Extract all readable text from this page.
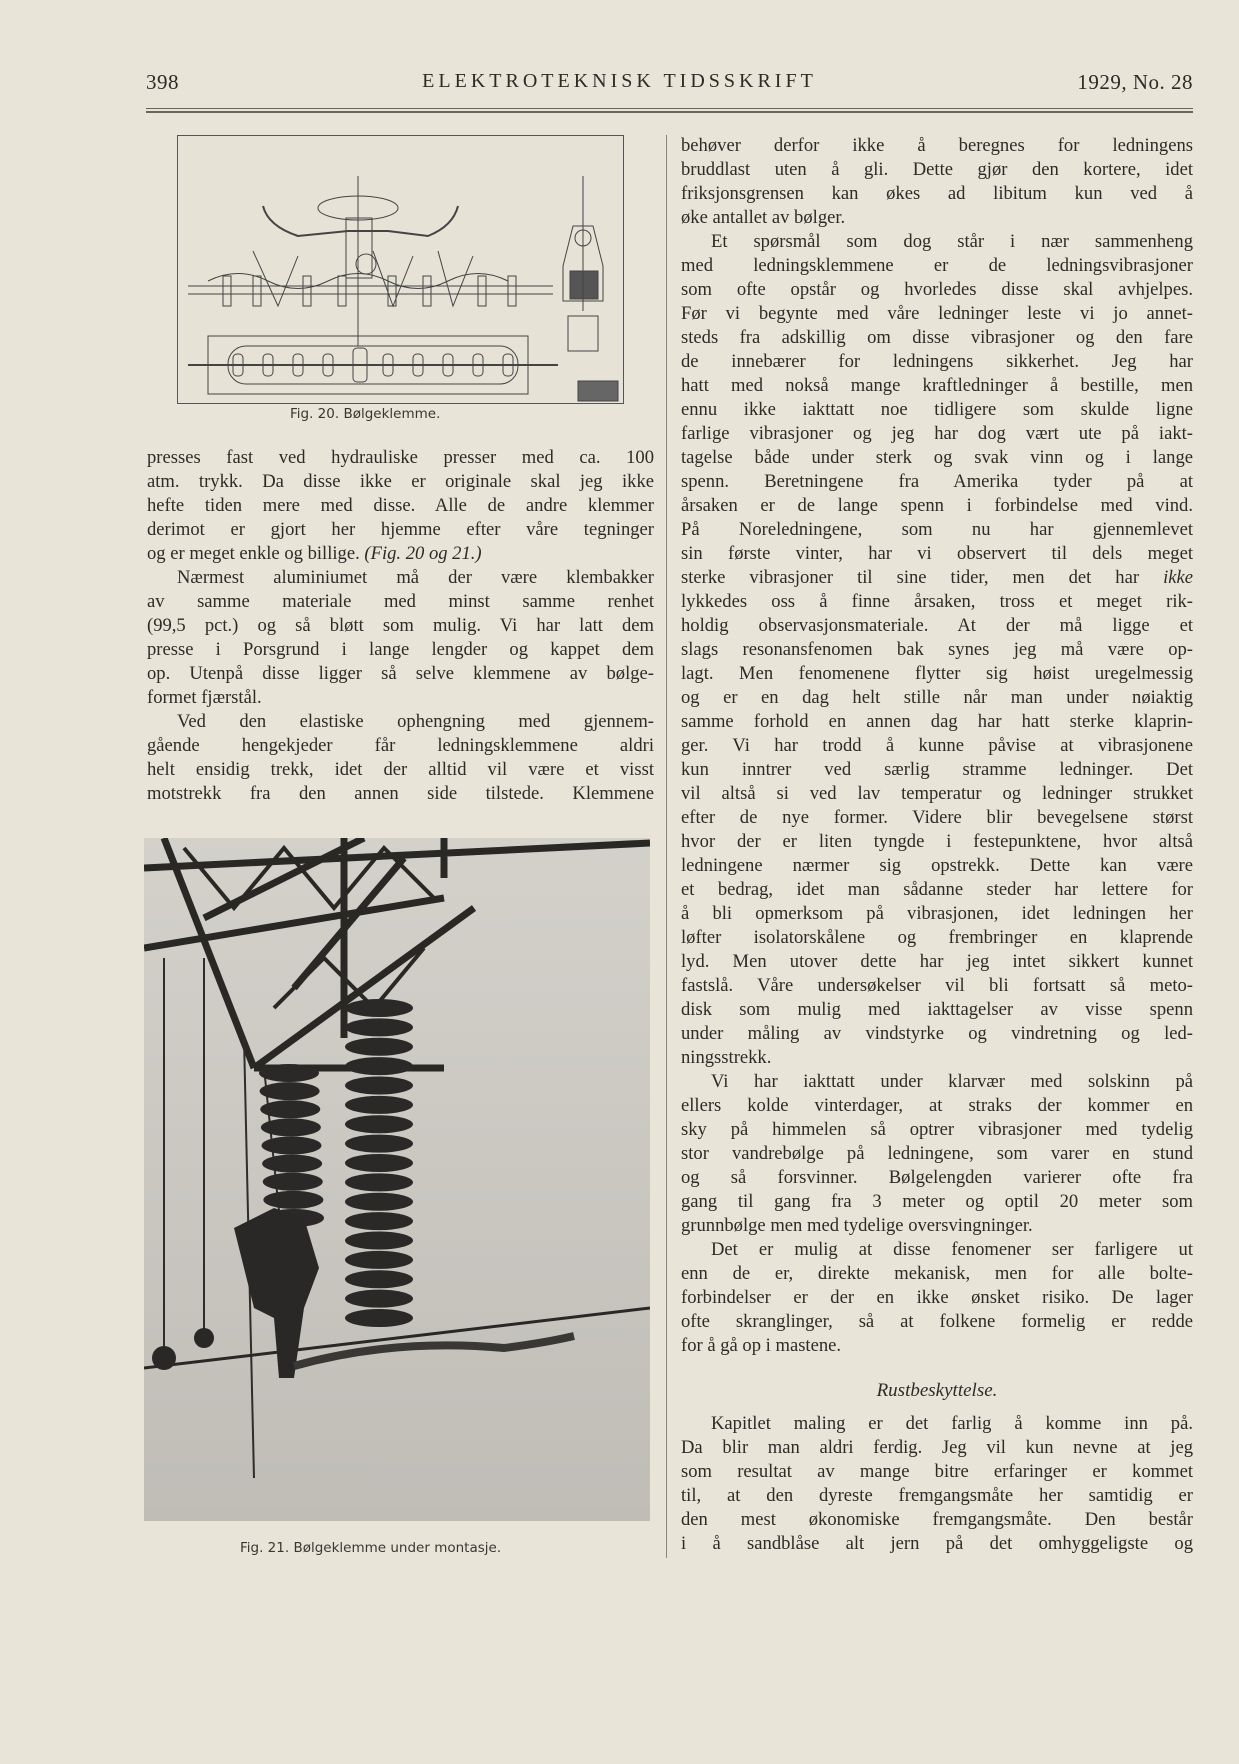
398	ELEKTROTEKNISK TIDSSKRIFT	1929, No. 28
Fig. 20. Bølgeklemme.
presses fast ved hydrauliske presser med ca. 100
atm. trykk. Da disse ikke er originale skal jeg ikke
hefte tiden mere med disse. Alle de andre klemmer
derimot er gjort her hjemme efter våre tegninger
og er meget enkle og billige. (Fig. 20 og 21.)
Nærmest aluminiumet må der være klembakker
av samme materiale med minst samme renhet
(99,5 pct.) og så bløtt som mulig. Vi har latt dem
presse i Porsgrund i lange lengder og kappet dem
op. Utenpå disse ligger så selve klemmene av bølge-
formet fjærstål.
Ved den elastiske ophengning med gjennem-
gående hengekjeder får ledningsklemmene aldri
helt ensidig trekk, idet der alltid vil være et visst
motstrekk fra den annen side tilstede. Klemmene
Fig. 21. Bølgeklemme under montasje.
behøver derfor ikke å beregnes for ledningens
bruddlast uten å gli. Dette gjør den kortere, idet
friksjonsgrensen kan økes ad libitum kun ved å
øke antallet av bølger.
Et spørsmål som dog står i nær sammenheng
med ledningsklemmene er de ledningsvibrasjoner
som ofte opstår og hvorledes disse skal avhjelpes.
Før vi begynte med våre ledninger leste vi jo annet-
steds fra adskillig om disse vibrasjoner og den fare
de innebærer for ledningens sikkerhet. Jeg har
hatt med nokså mange kraftledninger å bestille, men
ennu ikke iakttatt noe tidligere som skulde ligne
farlige vibrasjoner og jeg har dog vært ute på iakt-
tagelse både under sterk og svak vinn og i lange
spenn. Beretningene fra Amerika tyder på at
årsaken er de lange spenn i forbindelse med vind.
På Noreledningene, som nu har gjennemlevet
sin første vinter, har vi observert til dels meget
sterke vibrasjoner til sine tider, men det har ikke
lykkedes oss å finne årsaken, tross et meget rik-
holdig observasjonsmateriale. At der må ligge et
slags resonansfenomen bak synes jeg må være op-
lagt. Men fenomenene flytter sig høist uregelmessig
og er en dag helt stille når man under nøiaktig
samme forhold en annen dag har hatt sterke klaprin-
ger. Vi har trodd å kunne påvise at vibrasjonene
kun inntrer ved særlig stramme ledninger. Det
vil altså si ved lav temperatur og ledninger strukket
efter de nye former. Videre blir bevegelsene størst
hvor der er liten tyngde i festepunktene, hvor altså
ledningene nærmer sig opstrekk. Dette kan være
et bedrag, idet man sådanne steder har lettere for
å bli opmerksom på vibrasjonen, idet ledningen her
løfter isolatorskålene og frembringer en klaprende
lyd. Men utover dette har jeg intet sikkert kunnet
fastslå. Våre undersøkelser vil bli fortsatt så meto-
disk som mulig med iakttagelser av visse spenn
under måling av vindstyrke og vindretning og led-
ningsstrekk.
Vi har iakttatt under klarvær med solskinn på
ellers kolde vinterdager, at straks der kommer en
sky på himmelen så optrer vibrasjoner med tydelig
stor vandrebølge på ledningene, som varer en stund
og så forsvinner. Bølgelengden varierer ofte fra
gang til gang fra 3 meter og optil 20 meter som
grunnbølge men med tydelige oversvingninger.
Det er mulig at disse fenomener ser farligere ut
enn de er, direkte mekanisk, men for alle bolte-
forbindelser er der en ikke ønsket risiko. De lager
ofte skranglinger, så at folkene formelig er redde
for å gå op i mastene.
Rustbeskyttelse.
Kapitlet maling er det farlig å komme inn på.
Da blir man aldri ferdig. Jeg vil kun nevne at jeg
som resultat av mange bitre erfaringer er kommet
til, at den dyreste fremgangsmåte her samtidig er
den mest økonomiske fremgangsmåte. Den består
i å sandblåse alt jern på det omhyggeligste og
